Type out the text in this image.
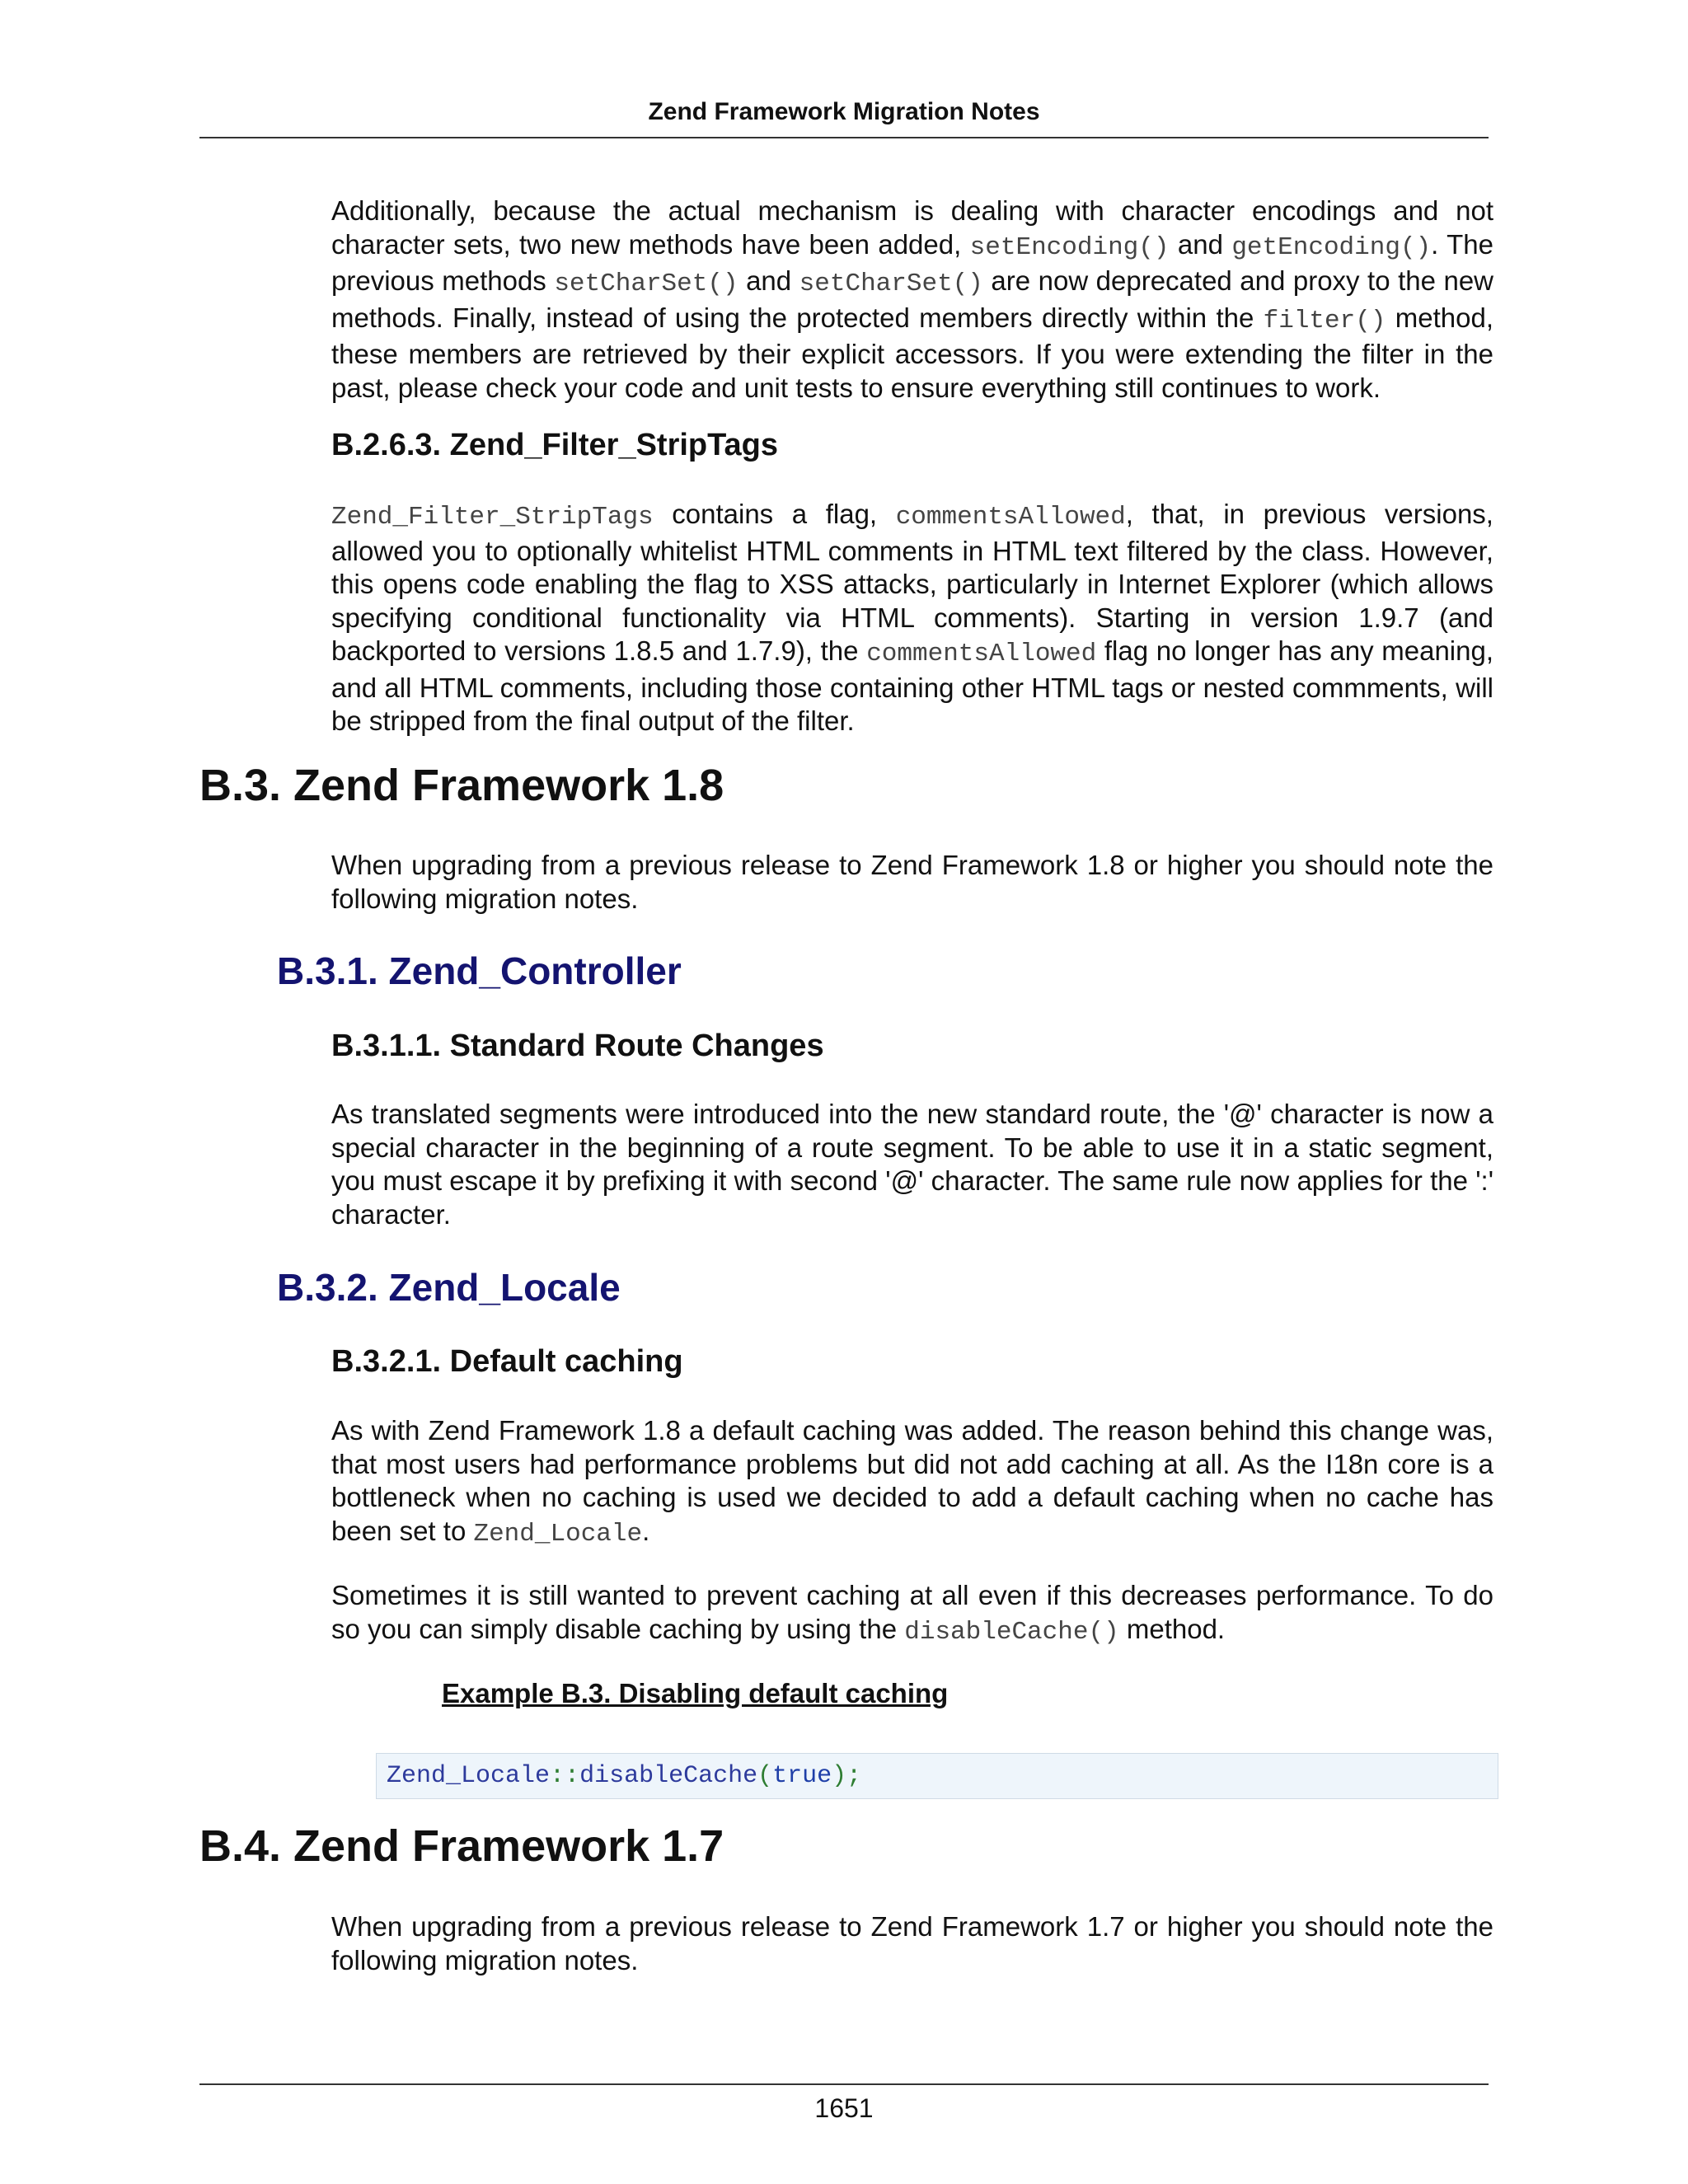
Zend Framework Migration Notes
Additionally, because the actual mechanism is dealing with character encodings and not character sets, two new methods have been added, setEncoding() and getEncoding(). The previous methods setCharSet() and setCharSet() are now deprecated and proxy to the new methods. Finally, instead of using the protected members directly within the filter() method, these members are retrieved by their explicit accessors. If you were extending the filter in the past, please check your code and unit tests to ensure everything still continues to work.
B.2.6.3. Zend_Filter_StripTags
Zend_Filter_StripTags contains a flag, commentsAllowed, that, in previous versions, allowed you to optionally whitelist HTML comments in HTML text filtered by the class. However, this opens code enabling the flag to XSS attacks, particularly in Internet Explorer (which allows specifying conditional functionality via HTML comments). Starting in version 1.9.7 (and backported to versions 1.8.5 and 1.7.9), the commentsAllowed flag no longer has any meaning, and all HTML comments, including those containing other HTML tags or nested commments, will be stripped from the final output of the filter.
B.3. Zend Framework 1.8
When upgrading from a previous release to Zend Framework 1.8 or higher you should note the following migration notes.
B.3.1. Zend_Controller
B.3.1.1. Standard Route Changes
As translated segments were introduced into the new standard route, the '@' character is now a special character in the beginning of a route segment. To be able to use it in a static segment, you must escape it by prefixing it with second '@' character. The same rule now applies for the ':' character.
B.3.2. Zend_Locale
B.3.2.1. Default caching
As with Zend Framework 1.8 a default caching was added. The reason behind this change was, that most users had performance problems but did not add caching at all. As the I18n core is a bottleneck when no caching is used we decided to add a default caching when no cache has been set to Zend_Locale.
Sometimes it is still wanted to prevent caching at all even if this decreases performance. To do so you can simply disable caching by using the disableCache() method.
Example B.3. Disabling default caching
Zend_Locale::disableCache(true);
B.4. Zend Framework 1.7
When upgrading from a previous release to Zend Framework 1.7 or higher you should note the following migration notes.
1651
